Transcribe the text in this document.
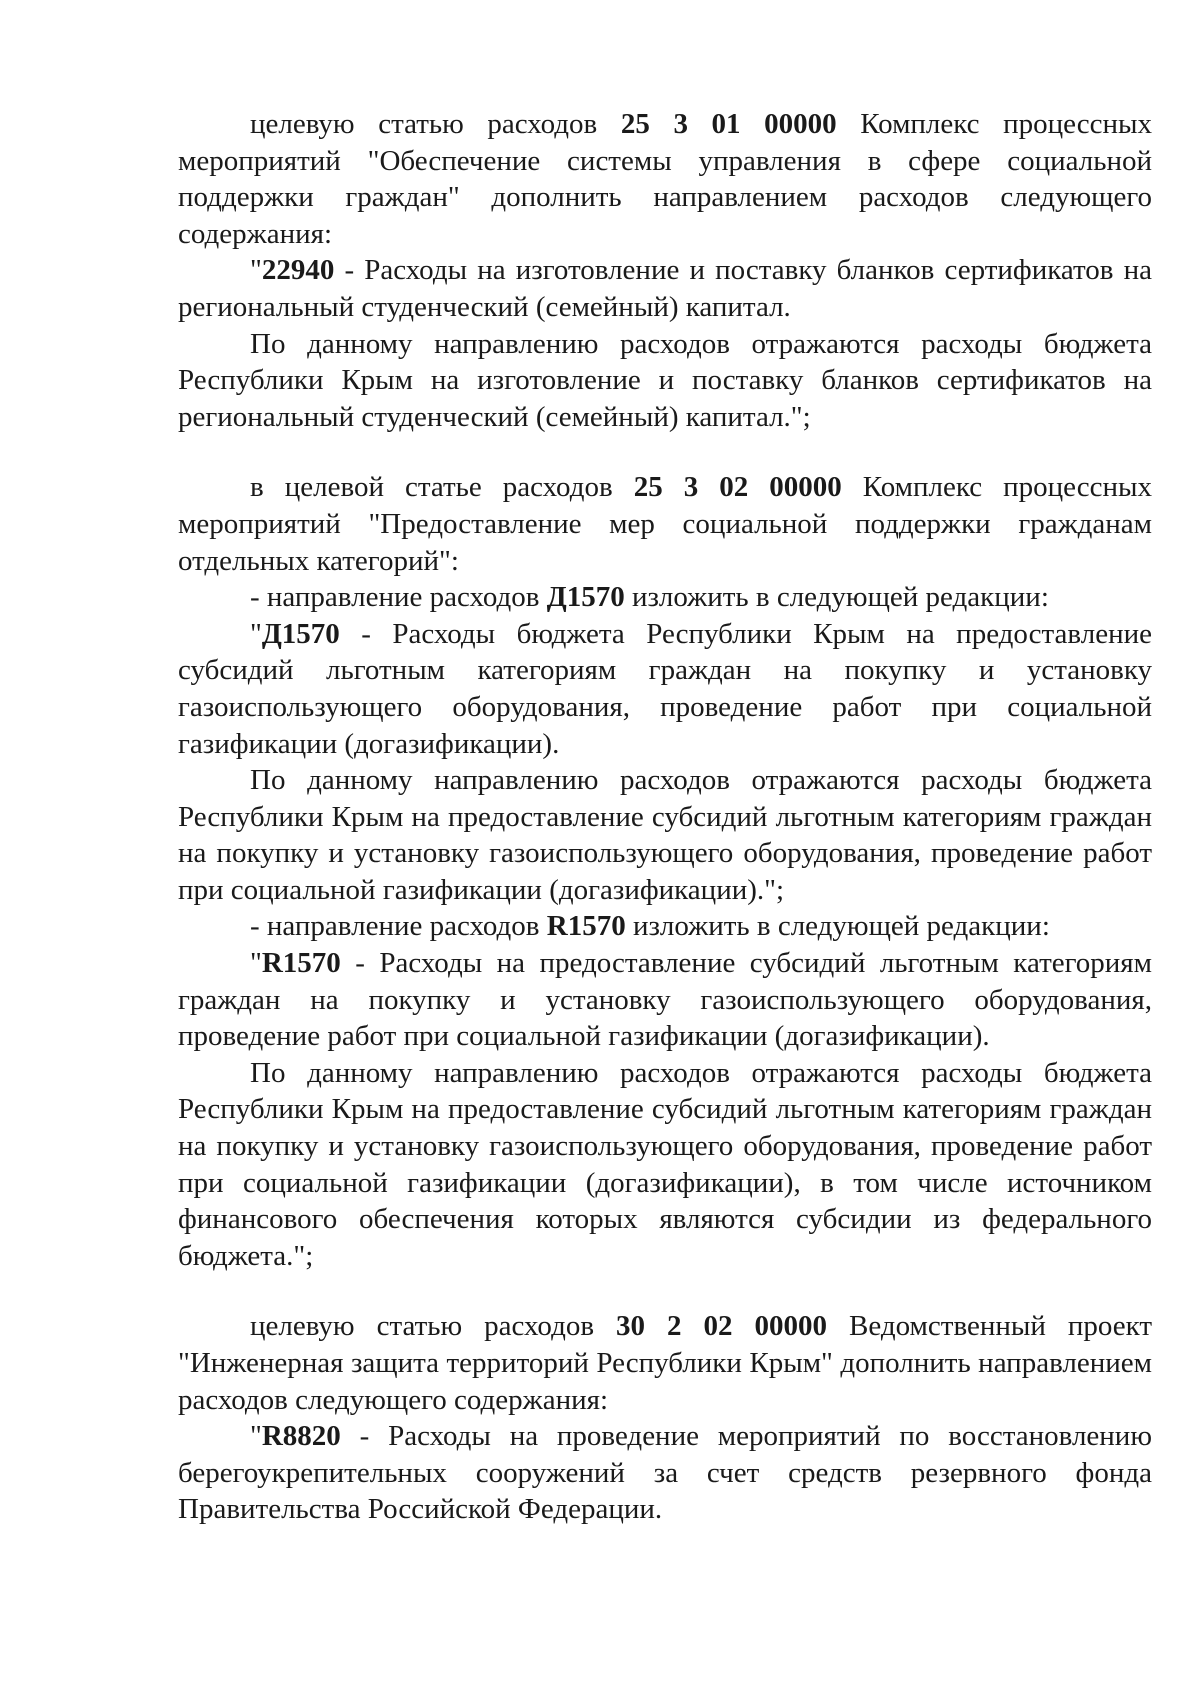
целевую статью расходов 25 3 01 00000 Комплекс процессных мероприятий "Обеспечение системы управления в сфере социальной поддержки граждан" дополнить направлением расходов следующего содержания:

"22940 - Расходы на изготовление и поставку бланков сертификатов на региональный студенческий (семейный) капитал.

По данному направлению расходов отражаются расходы бюджета Республики Крым на изготовление и поставку бланков сертификатов на региональный студенческий (семейный) капитал.";

в целевой статье расходов 25 3 02 00000 Комплекс процессных мероприятий "Предоставление мер социальной поддержки гражданам отдельных категорий":

- направление расходов Д1570 изложить в следующей редакции:

"Д1570 - Расходы бюджета Республики Крым на предоставление субсидий льготным категориям граждан на покупку и установку газоиспользующего оборудования, проведение работ при социальной газификации (догазификации).

По данному направлению расходов отражаются расходы бюджета Республики Крым на предоставление субсидий льготным категориям граждан на покупку и установку газоиспользующего оборудования, проведение работ при социальной газификации (догазификации).";

- направление расходов R1570 изложить в следующей редакции:

"R1570 - Расходы на предоставление субсидий льготным категориям граждан на покупку и установку газоиспользующего оборудования, проведение работ при социальной газификации (догазификации).

По данному направлению расходов отражаются расходы бюджета Республики Крым на предоставление субсидий льготным категориям граждан на покупку и установку газоиспользующего оборудования, проведение работ при социальной газификации (догазификации), в том числе источником финансового обеспечения которых являются субсидии из федерального бюджета.";

целевую статью расходов 30 2 02 00000 Ведомственный проект "Инженерная защита территорий Республики Крым" дополнить направлением расходов следующего содержания:

"R8820 - Расходы на проведение мероприятий по восстановлению берегоукрепительных сооружений за счет средств резервного фонда Правительства Российской Федерации.
